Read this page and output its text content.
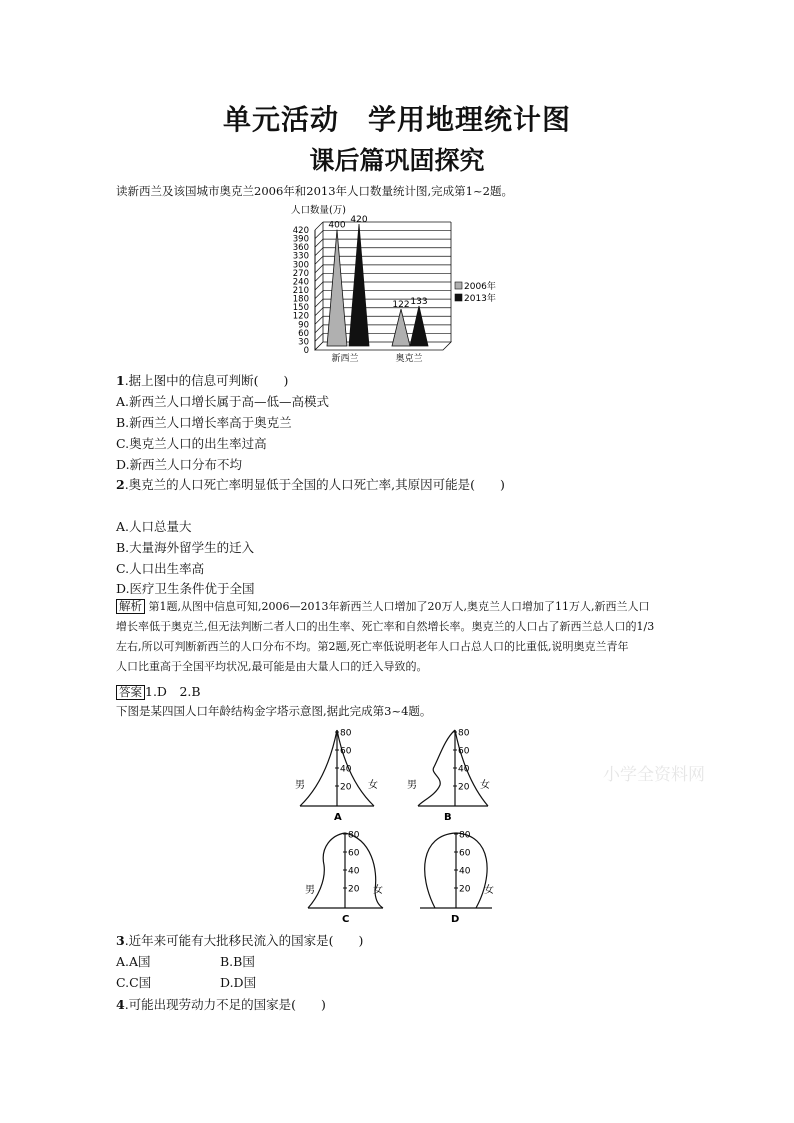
单元活动　学用地理统计图
课后篇巩固探究
读新西兰及该国城市奥克兰2006年和2013年人口数量统计图,完成第1~2题。
人口数量(万)
420
390
360
330
300
270
240
210
180
150
120
90
60
30
0
400
420
122 133
新西兰	奥克兰
2006年
2013年
1.据上图中的信息可判断(　　)
A.新西兰人口增长属于高—低—高模式
B.新西兰人口增长率高于奥克兰
C.奥克兰人口的出生率过高
D.新西兰人口分布不均
2.奥克兰的人口死亡率明显低于全国的人口死亡率,其原因可能是(　　)
A.人口总量大
B.大量海外留学生的迁入
C.人口出生率高
D.医疗卫生条件优于全国
解析 第1题,从图中信息可知,2006—2013年新西兰人口增加了20万人,奥克兰人口增加了11万人,新西兰人口
增长率低于奥克兰,但无法判断二者人口的出生率、死亡率和自然增长率。奥克兰的人口占了新西兰总人口的1/3
左右,所以可判断新西兰的人口分布不均。第2题,死亡率低说明老年人口占总人口的比重低,说明奥克兰青年
人口比重高于全国平均状况,最可能是由大量人口的迁入导致的。
答案 1.D　2.B
下图是某四国人口年龄结构金字塔示意图,据此完成第3~4题。
80
60
40
20
80
60
40
20
80
60
40
20
80
60
40
20
男	女	男	女
男	女	女
A	B
C	D
小学全资料网
3.近年来可能有大批移民流入的国家是(　　)
A.A国	B.B国
C.C国	D.D国
4.可能出现劳动力不足的国家是(　　)
